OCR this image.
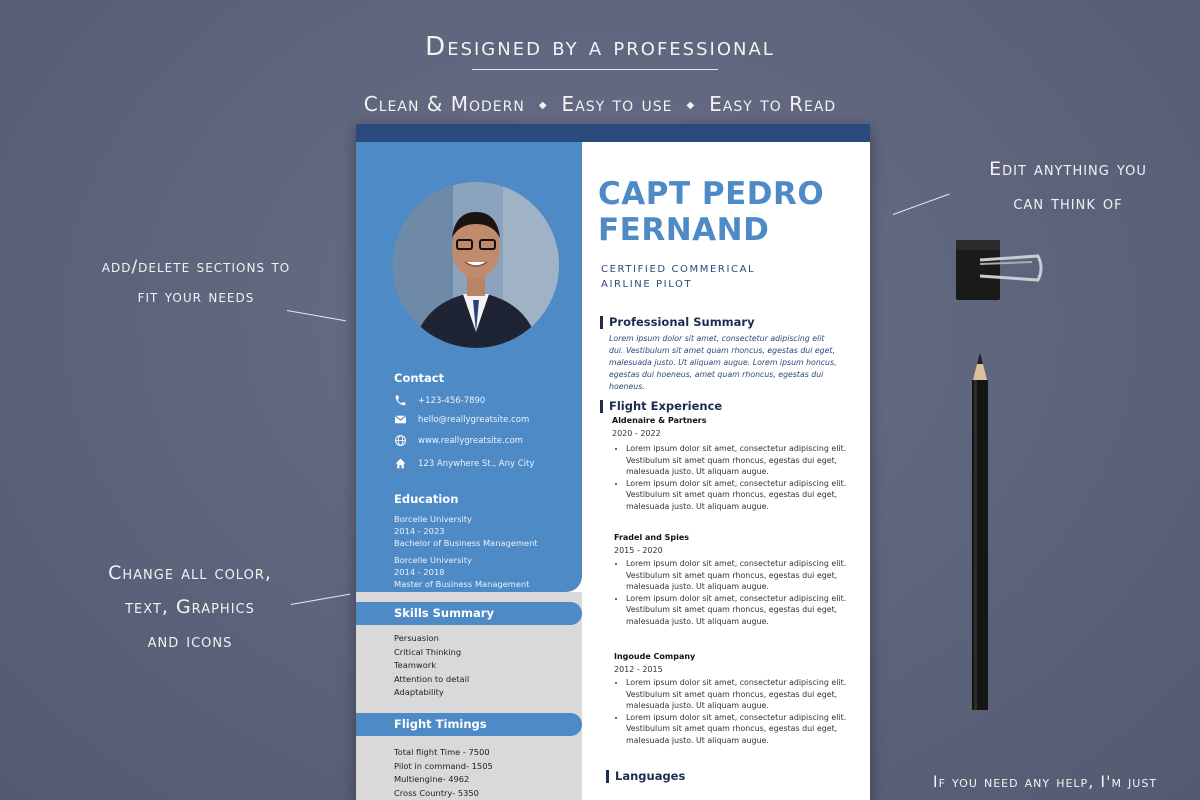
Designed by a professional
Clean & Modern ◆ Easy to use ◆ Easy to Read
Edit anything you
can think of
add/delete sections to
fit your needs
Change all color,
text, Graphics
and icons
If you need any help, I'm just
Contact
+123-456-7890
hello@reallygreatsite.com
www.reallygreatsite.com
123 Anywhere St., Any City
Education
Borcelle University
2014 - 2023
Bachelor of Business Management
Borcelle University
2014 - 2018
Master of Business Management
Skills Summary
Persuasion
Critical Thinking
Teamwork
Attention to detail
Adaptability
Flight Timings
Total flight Time - 7500
Pilot in command- 1505
Multiengine- 4962
Cross Country- 5350
CAPT PEDRO
FERNAND
CERTIFIED COMMERICAL
AIRLINE PILOT
Professional Summary
Lorem ipsum dolor sit amet, consectetur adipiscing elit dui. Vestibulum sit amet quam rhoncus, egestas dui eget, malesuada justo. Ut aliquam augue. Lorem ipsum honcus, egestas dui hoeneus, amet quam rhoncus, egestas dui hoeneus.
Flight Experience
Aldenaire & Partners
2020 - 2022
• Lorem ipsum dolor sit amet, consectetur adipiscing elit. Vestibulum sit amet quam rhoncus, egestas dui eget, malesuada justo. Ut aliquam augue.
• Lorem ipsum dolor sit amet, consectetur adipiscing elit. Vestibulum sit amet quam rhoncus, egestas dui eget, malesuada justo. Ut aliquam augue.
Fradel and Spies
2015 - 2020
• Lorem ipsum dolor sit amet, consectetur adipiscing elit. Vestibulum sit amet quam rhoncus, egestas dui eget, malesuada justo. Ut aliquam augue.
• Lorem ipsum dolor sit amet, consectetur adipiscing elit. Vestibulum sit amet quam rhoncus, egestas dui eget, malesuada justo. Ut aliquam augue.
Ingoude Company
2012 - 2015
• Lorem ipsum dolor sit amet, consectetur adipiscing elit. Vestibulum sit amet quam rhoncus, egestas dui eget, malesuada justo. Ut aliquam augue.
• Lorem ipsum dolor sit amet, consectetur adipiscing elit. Vestibulum sit amet quam rhoncus, egestas dui eget, malesuada justo. Ut aliquam augue.
Languages
